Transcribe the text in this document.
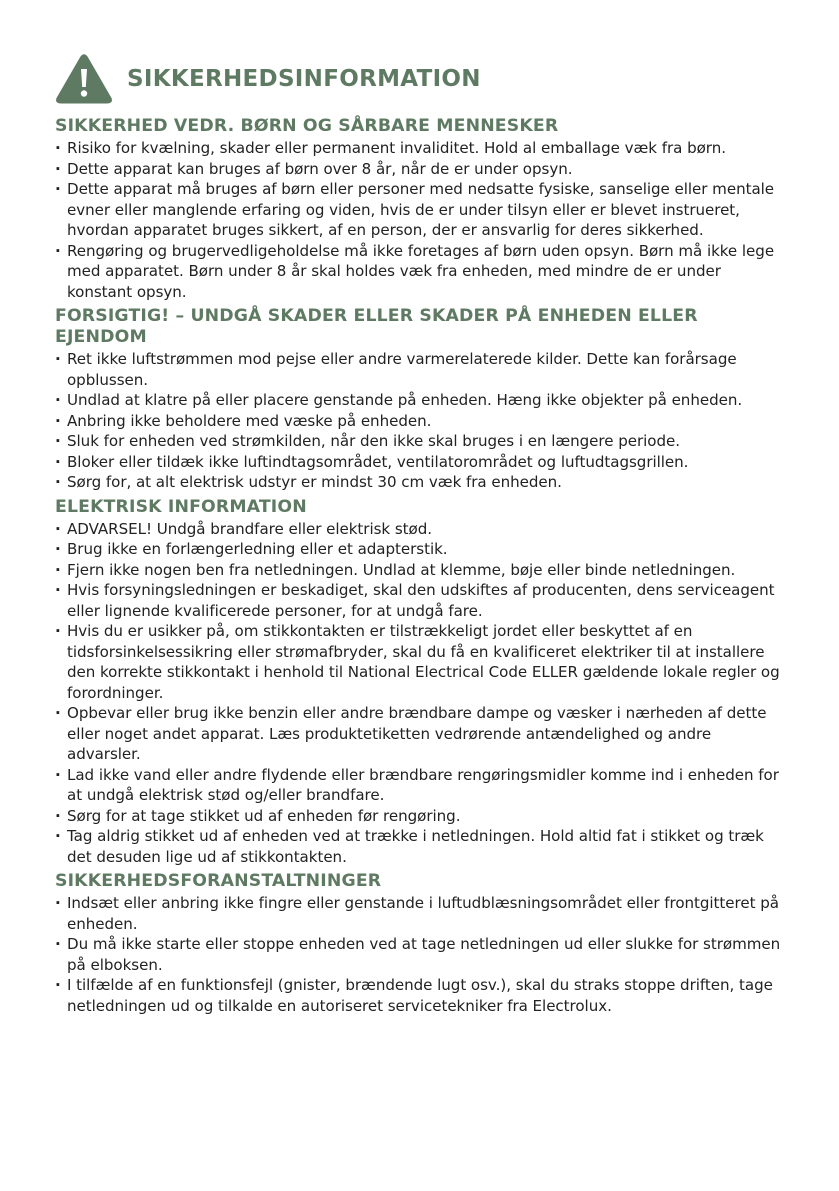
SIKKERHEDSINFORMATION
SIKKERHED VEDR. BØRN OG SÅRBARE MENNESKER
· Risiko for kvælning, skader eller permanent invaliditet. Hold al emballage væk fra børn.
· Dette apparat kan bruges af børn over 8 år, når de er under opsyn.
· Dette apparat må bruges af børn eller personer med nedsatte fysiske, sanselige eller mentale evner eller manglende erfaring og viden, hvis de er under tilsyn eller er blevet instrueret, hvordan apparatet bruges sikkert, af en person, der er ansvarlig for deres sikkerhed.
· Rengøring og brugervedligeholdelse må ikke foretages af børn uden opsyn. Børn må ikke lege med apparatet. Børn under 8 år skal holdes væk fra enheden, med mindre de er under konstant opsyn.
FORSIGTIG! – UNDGÅ SKADER ELLER SKADER PÅ ENHEDEN ELLER EJENDOM
· Ret ikke luftstrømmen mod pejse eller andre varmerelaterede kilder. Dette kan forårsage opblussen.
· Undlad at klatre på eller placere genstande på enheden. Hæng ikke objekter på enheden.
· Anbring ikke beholdere med væske på enheden.
· Sluk for enheden ved strømkilden, når den ikke skal bruges i en længere periode.
· Bloker eller tildæk ikke luftindtagsområdet, ventilatorområdet og luftudtagsgrillen.
· Sørg for, at alt elektrisk udstyr er mindst 30 cm væk fra enheden.
ELEKTRISK INFORMATION
· ADVARSEL! Undgå brandfare eller elektrisk stød.
· Brug ikke en forlængerledning eller et adapterstik.
· Fjern ikke nogen ben fra netledningen. Undlad at klemme, bøje eller binde netledningen.
· Hvis forsyningsledningen er beskadiget, skal den udskiftes af producenten, dens serviceagent eller lignende kvalificerede personer, for at undgå fare.
· Hvis du er usikker på, om stikkontakten er tilstrækkeligt jordet eller beskyttet af en tidsforsinkelsessikring eller strømafbryder, skal du få en kvalificeret elektriker til at installere den korrekte stikkontakt i henhold til National Electrical Code ELLER gældende lokale regler og forordninger.
· Opbevar eller brug ikke benzin eller andre brændbare dampe og væsker i nærheden af dette eller noget andet apparat. Læs produktetiketten vedrørende antændelighed og andre advarsler.
· Lad ikke vand eller andre flydende eller brændbare rengøringsmidler komme ind i enheden for at undgå elektrisk stød og/eller brandfare.
· Sørg for at tage stikket ud af enheden før rengøring.
· Tag aldrig stikket ud af enheden ved at trække i netledningen. Hold altid fat i stikket og træk det desuden lige ud af stikkontakten.
SIKKERHEDSFORANSTALTNINGER
· Indsæt eller anbring ikke fingre eller genstande i luftudblæsningsområdet eller frontgitteret på enheden.
· Du må ikke starte eller stoppe enheden ved at tage netledningen ud eller slukke for strømmen på elboksen.
· I tilfælde af en funktionsfejl (gnister, brændende lugt osv.), skal du straks stoppe driften, tage netledningen ud og tilkalde en autoriseret servicetekniker fra Electrolux.
